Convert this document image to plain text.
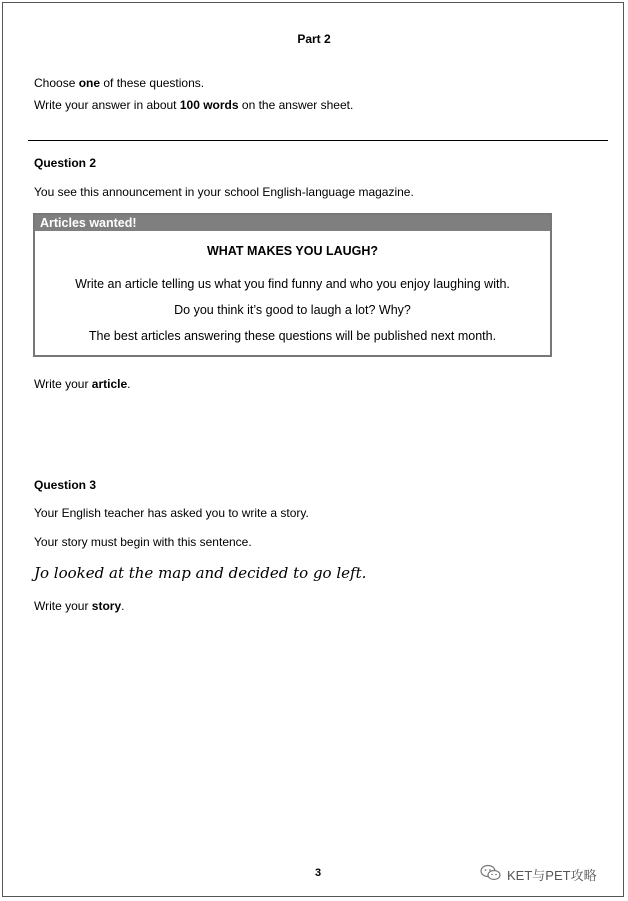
Part 2
Choose one of these questions.
Write your answer in about 100 words on the answer sheet.
Question 2
You see this announcement in your school English-language magazine.
Articles wanted!
WHAT MAKES YOU LAUGH?
Write an article telling us what you find funny and who you enjoy laughing with.
Do you think it’s good to laugh a lot? Why?
The best articles answering these questions will be published next month.
Write your article.
Question 3
Your English teacher has asked you to write a story.
Your story must begin with this sentence.
Jo looked at the map and decided to go left.
Write your story.
3	KET与PET攻略
